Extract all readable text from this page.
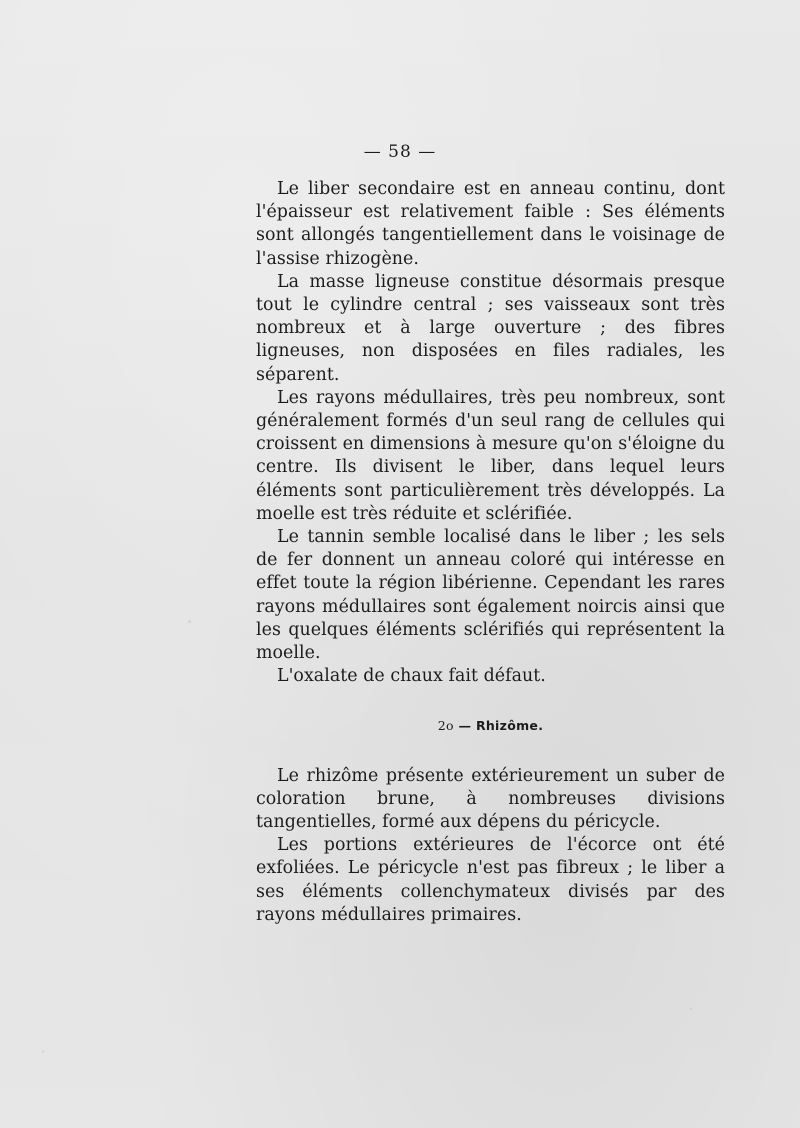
— 58 —

Le liber secondaire est en anneau continu, dont l'épaisseur est relativement faible : Ses éléments sont allongés tangentiellement dans le voisinage de l'assise rhizogène.

La masse ligneuse constitue désormais presque tout le cylindre central ; ses vaisseaux sont très nombreux et à large ouverture ; des fibres ligneuses, non disposées en files radiales, les séparent.

Les rayons médullaires, très peu nombreux, sont généralement formés d'un seul rang de cellules qui croissent en dimensions à mesure qu'on s'éloigne du centre. Ils divisent le liber, dans lequel leurs éléments sont particulièrement très développés. La moelle est très réduite et sclérifiée.

Le tannin semble localisé dans le liber ; les sels de fer donnent un anneau coloré qui intéresse en effet toute la région libérienne. Cependant les rares rayons médullaires sont également noircis ainsi que les quelques éléments sclérifiés qui représentent la moelle.

L'oxalate de chaux fait défaut.

2o — Rhizôme.

Le rhizôme présente extérieurement un suber de coloration brune, à nombreuses divisions tangentielles, formé aux dépens du péricycle.

Les portions extérieures de l'écorce ont été exfoliées. Le péricycle n'est pas fibreux ; le liber a ses éléments collenchymateux divisés par des rayons médullaires primaires.
